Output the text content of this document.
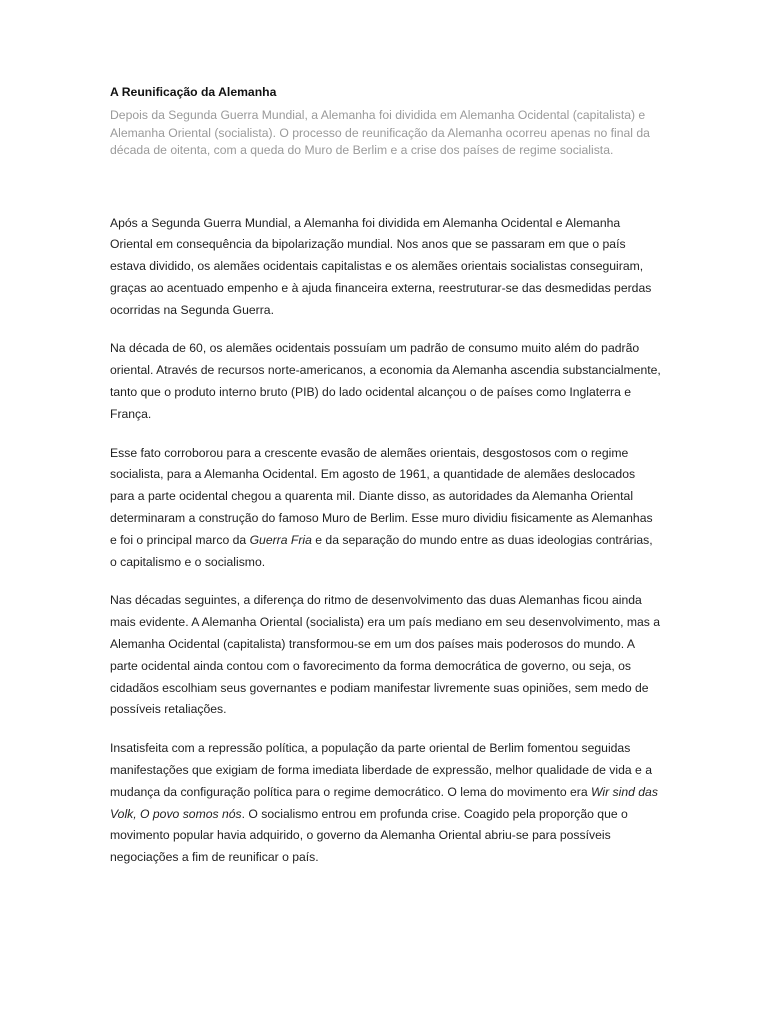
A Reunificação da Alemanha

Depois da Segunda Guerra Mundial, a Alemanha foi dividida em Alemanha Ocidental (capitalista) e Alemanha Oriental (socialista). O processo de reunificação da Alemanha ocorreu apenas no final da década de oitenta, com a queda do Muro de Berlim e a crise dos países de regime socialista.

Após a Segunda Guerra Mundial, a Alemanha foi dividida em Alemanha Ocidental e Alemanha Oriental em consequência da bipolarização mundial. Nos anos que se passaram em que o país estava dividido, os alemães ocidentais capitalistas e os alemães orientais socialistas conseguiram, graças ao acentuado empenho e à ajuda financeira externa, reestruturar-se das desmedidas perdas ocorridas na Segunda Guerra.

Na década de 60, os alemães ocidentais possuíam um padrão de consumo muito além do padrão oriental. Através de recursos norte-americanos, a economia da Alemanha ascendia substancialmente, tanto que o produto interno bruto (PIB) do lado ocidental alcançou o de países como Inglaterra e França.

Esse fato corroborou para a crescente evasão de alemães orientais, desgostosos com o regime socialista, para a Alemanha Ocidental. Em agosto de 1961, a quantidade de alemães deslocados para a parte ocidental chegou a quarenta mil. Diante disso, as autoridades da Alemanha Oriental determinaram a construção do famoso Muro de Berlim. Esse muro dividiu fisicamente as Alemanhas e foi o principal marco da Guerra Fria e da separação do mundo entre as duas ideologias contrárias, o capitalismo e o socialismo.

Nas décadas seguintes, a diferença do ritmo de desenvolvimento das duas Alemanhas ficou ainda mais evidente. A Alemanha Oriental (socialista) era um país mediano em seu desenvolvimento, mas a Alemanha Ocidental (capitalista) transformou-se em um dos países mais poderosos do mundo. A parte ocidental ainda contou com o favorecimento da forma democrática de governo, ou seja, os cidadãos escolhiam seus governantes e podiam manifestar livremente suas opiniões, sem medo de possíveis retaliações.

Insatisfeita com a repressão política, a população da parte oriental de Berlim fomentou seguidas manifestações que exigiam de forma imediata liberdade de expressão, melhor qualidade de vida e a mudança da configuração política para o regime democrático. O lema do movimento era Wir sind das Volk, O povo somos nós. O socialismo entrou em profunda crise. Coagido pela proporção que o movimento popular havia adquirido, o governo da Alemanha Oriental abriu-se para possíveis negociações a fim de reunificar o país.
